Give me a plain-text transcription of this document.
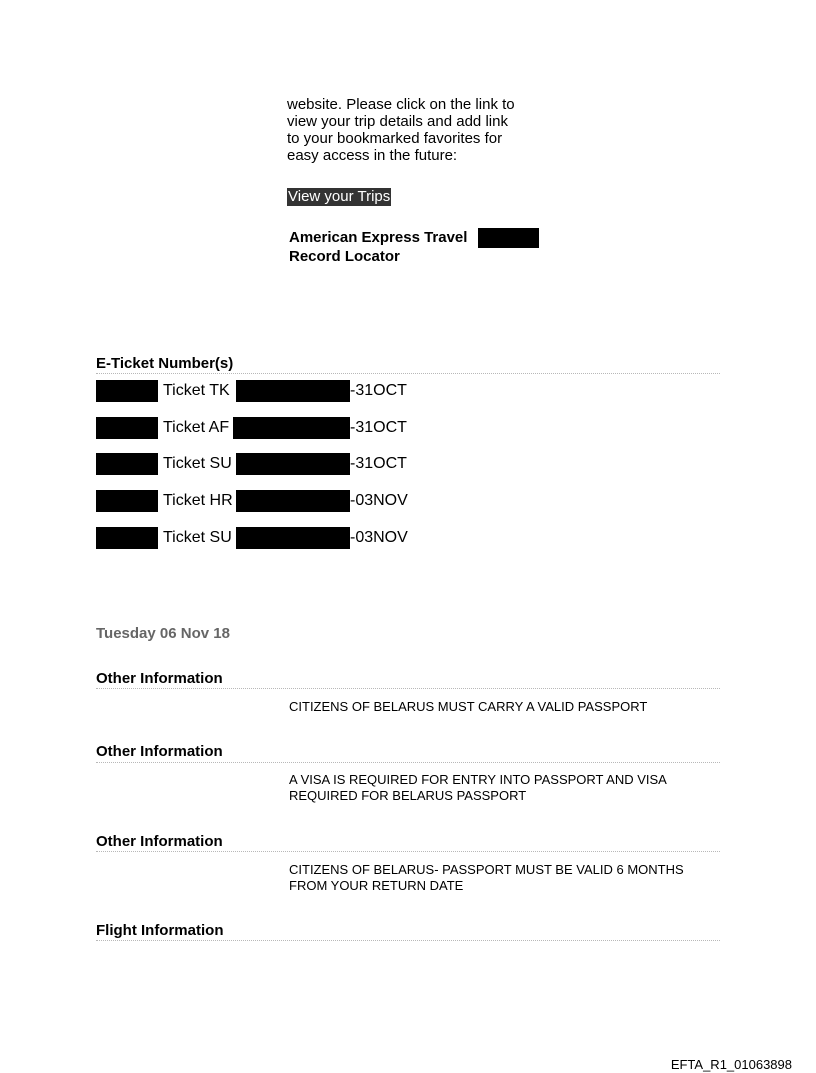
website. Please click on the link to
view your trip details and add link
to your bookmarked favorites for
easy access in the future:
View your Trips
American Express Travel
Record Locator
E-Ticket Number(s)
Ticket TK	-31OCT
Ticket AF	-31OCT
Ticket SU	-31OCT
Ticket HR	-03NOV
Ticket SU	-03NOV
Tuesday 06 Nov 18
Other Information
CITIZENS OF BELARUS MUST CARRY A VALID PASSPORT
Other Information
A VISA IS REQUIRED FOR ENTRY INTO PASSPORT AND VISA
REQUIRED FOR BELARUS PASSPORT
Other Information
CITIZENS OF BELARUS- PASSPORT MUST BE VALID 6 MONTHS
FROM YOUR RETURN DATE
Flight Information
EFTA_R1_01063898
